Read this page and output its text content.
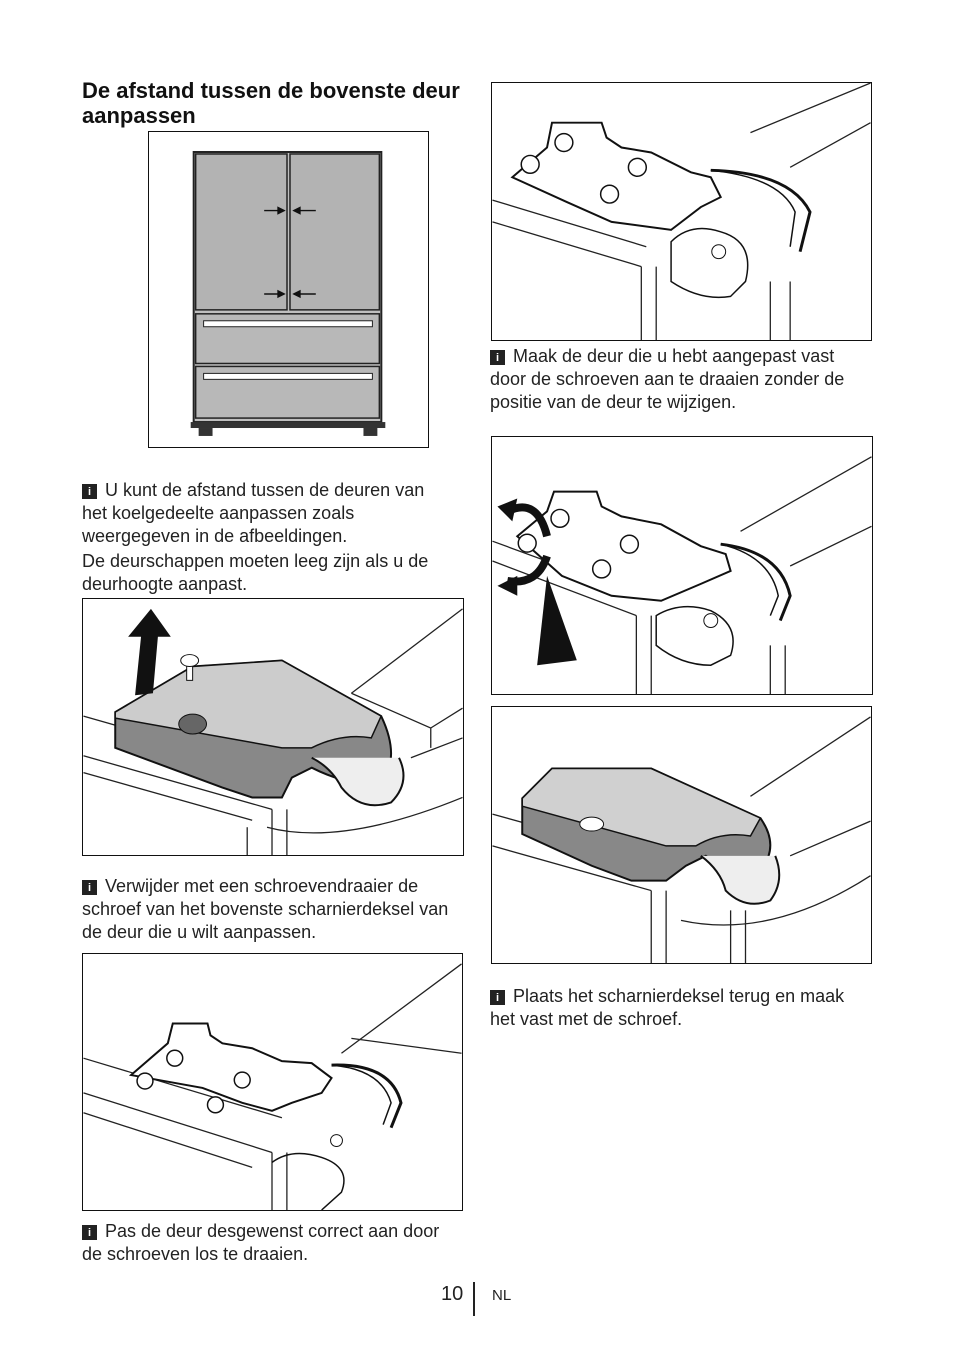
De afstand tussen de bovenste deur aanpassen
i U kunt de afstand tussen de deuren van het koelgedeelte aanpassen zoals weergegeven in de afbeeldingen.
De deurschappen moeten leeg zijn als u de deurhoogte aanpast.
i Verwijder met een schroevendraaier de schroef van het bovenste scharnierdeksel van de deur die u wilt aanpassen.
i Pas de deur desgewenst correct aan door de schroeven los te draaien.
i Maak de deur die u hebt aangepast vast door de schroeven aan te draaien zonder de positie van de deur te wijzigen.
i Plaats het scharnierdeksel terug en maak het vast met de schroef.
10 NL
